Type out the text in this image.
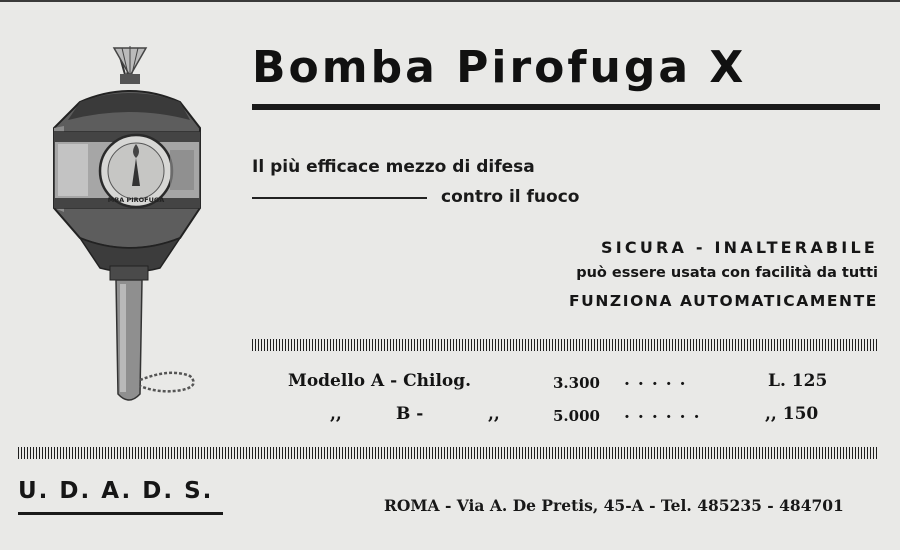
MBA PIROFUGA
Bomba Pirofuga X
Il più efficace mezzo di difesa
contro il fuoco
SICURA - INALTERABILE
può essere usata con facilità da tutti
FUNZIONA AUTOMATICAMENTE
Modello A - Chilog.	3.300 .....	L. 125
,,	B -	,,	5.000 ......	,, 150
U. D. A. D. S.
ROMA - Via A. De Pretis, 45-A - Tel. 485235 - 484701
